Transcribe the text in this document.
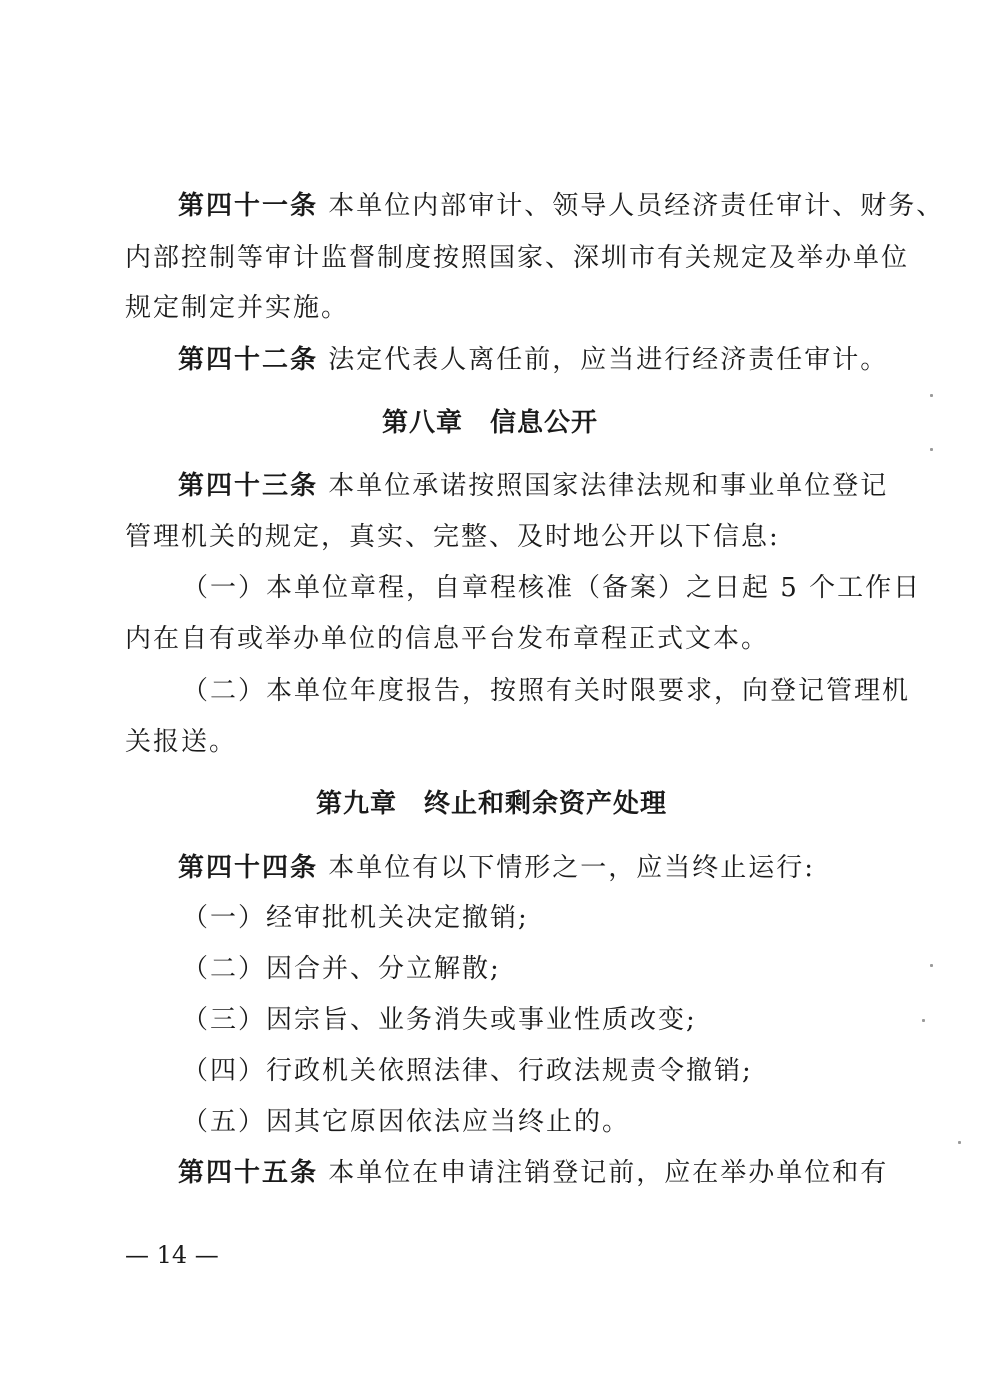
第四十一条 本单位内部审计、领导人员经济责任审计、财务、
内部控制等审计监督制度按照国家、深圳市有关规定及举办单位
规定制定并实施。
第四十二条 法定代表人离任前，应当进行经济责任审计。
第八章　信息公开
第四十三条 本单位承诺按照国家法律法规和事业单位登记
管理机关的规定，真实、完整、及时地公开以下信息:
（一）本单位章程，自章程核准（备案）之日起 5 个工作日
内在自有或举办单位的信息平台发布章程正式文本。
（二）本单位年度报告，按照有关时限要求，向登记管理机
关报送。
第九章　终止和剩余资产处理
第四十四条 本单位有以下情形之一，应当终止运行:
（一）经审批机关决定撤销;
（二）因合并、分立解散;
（三）因宗旨、业务消失或事业性质改变;
（四）行政机关依照法律、行政法规责令撤销;
（五）因其它原因依法应当终止的。
第四十五条 本单位在申请注销登记前，应在举办单位和有
— 14 —
